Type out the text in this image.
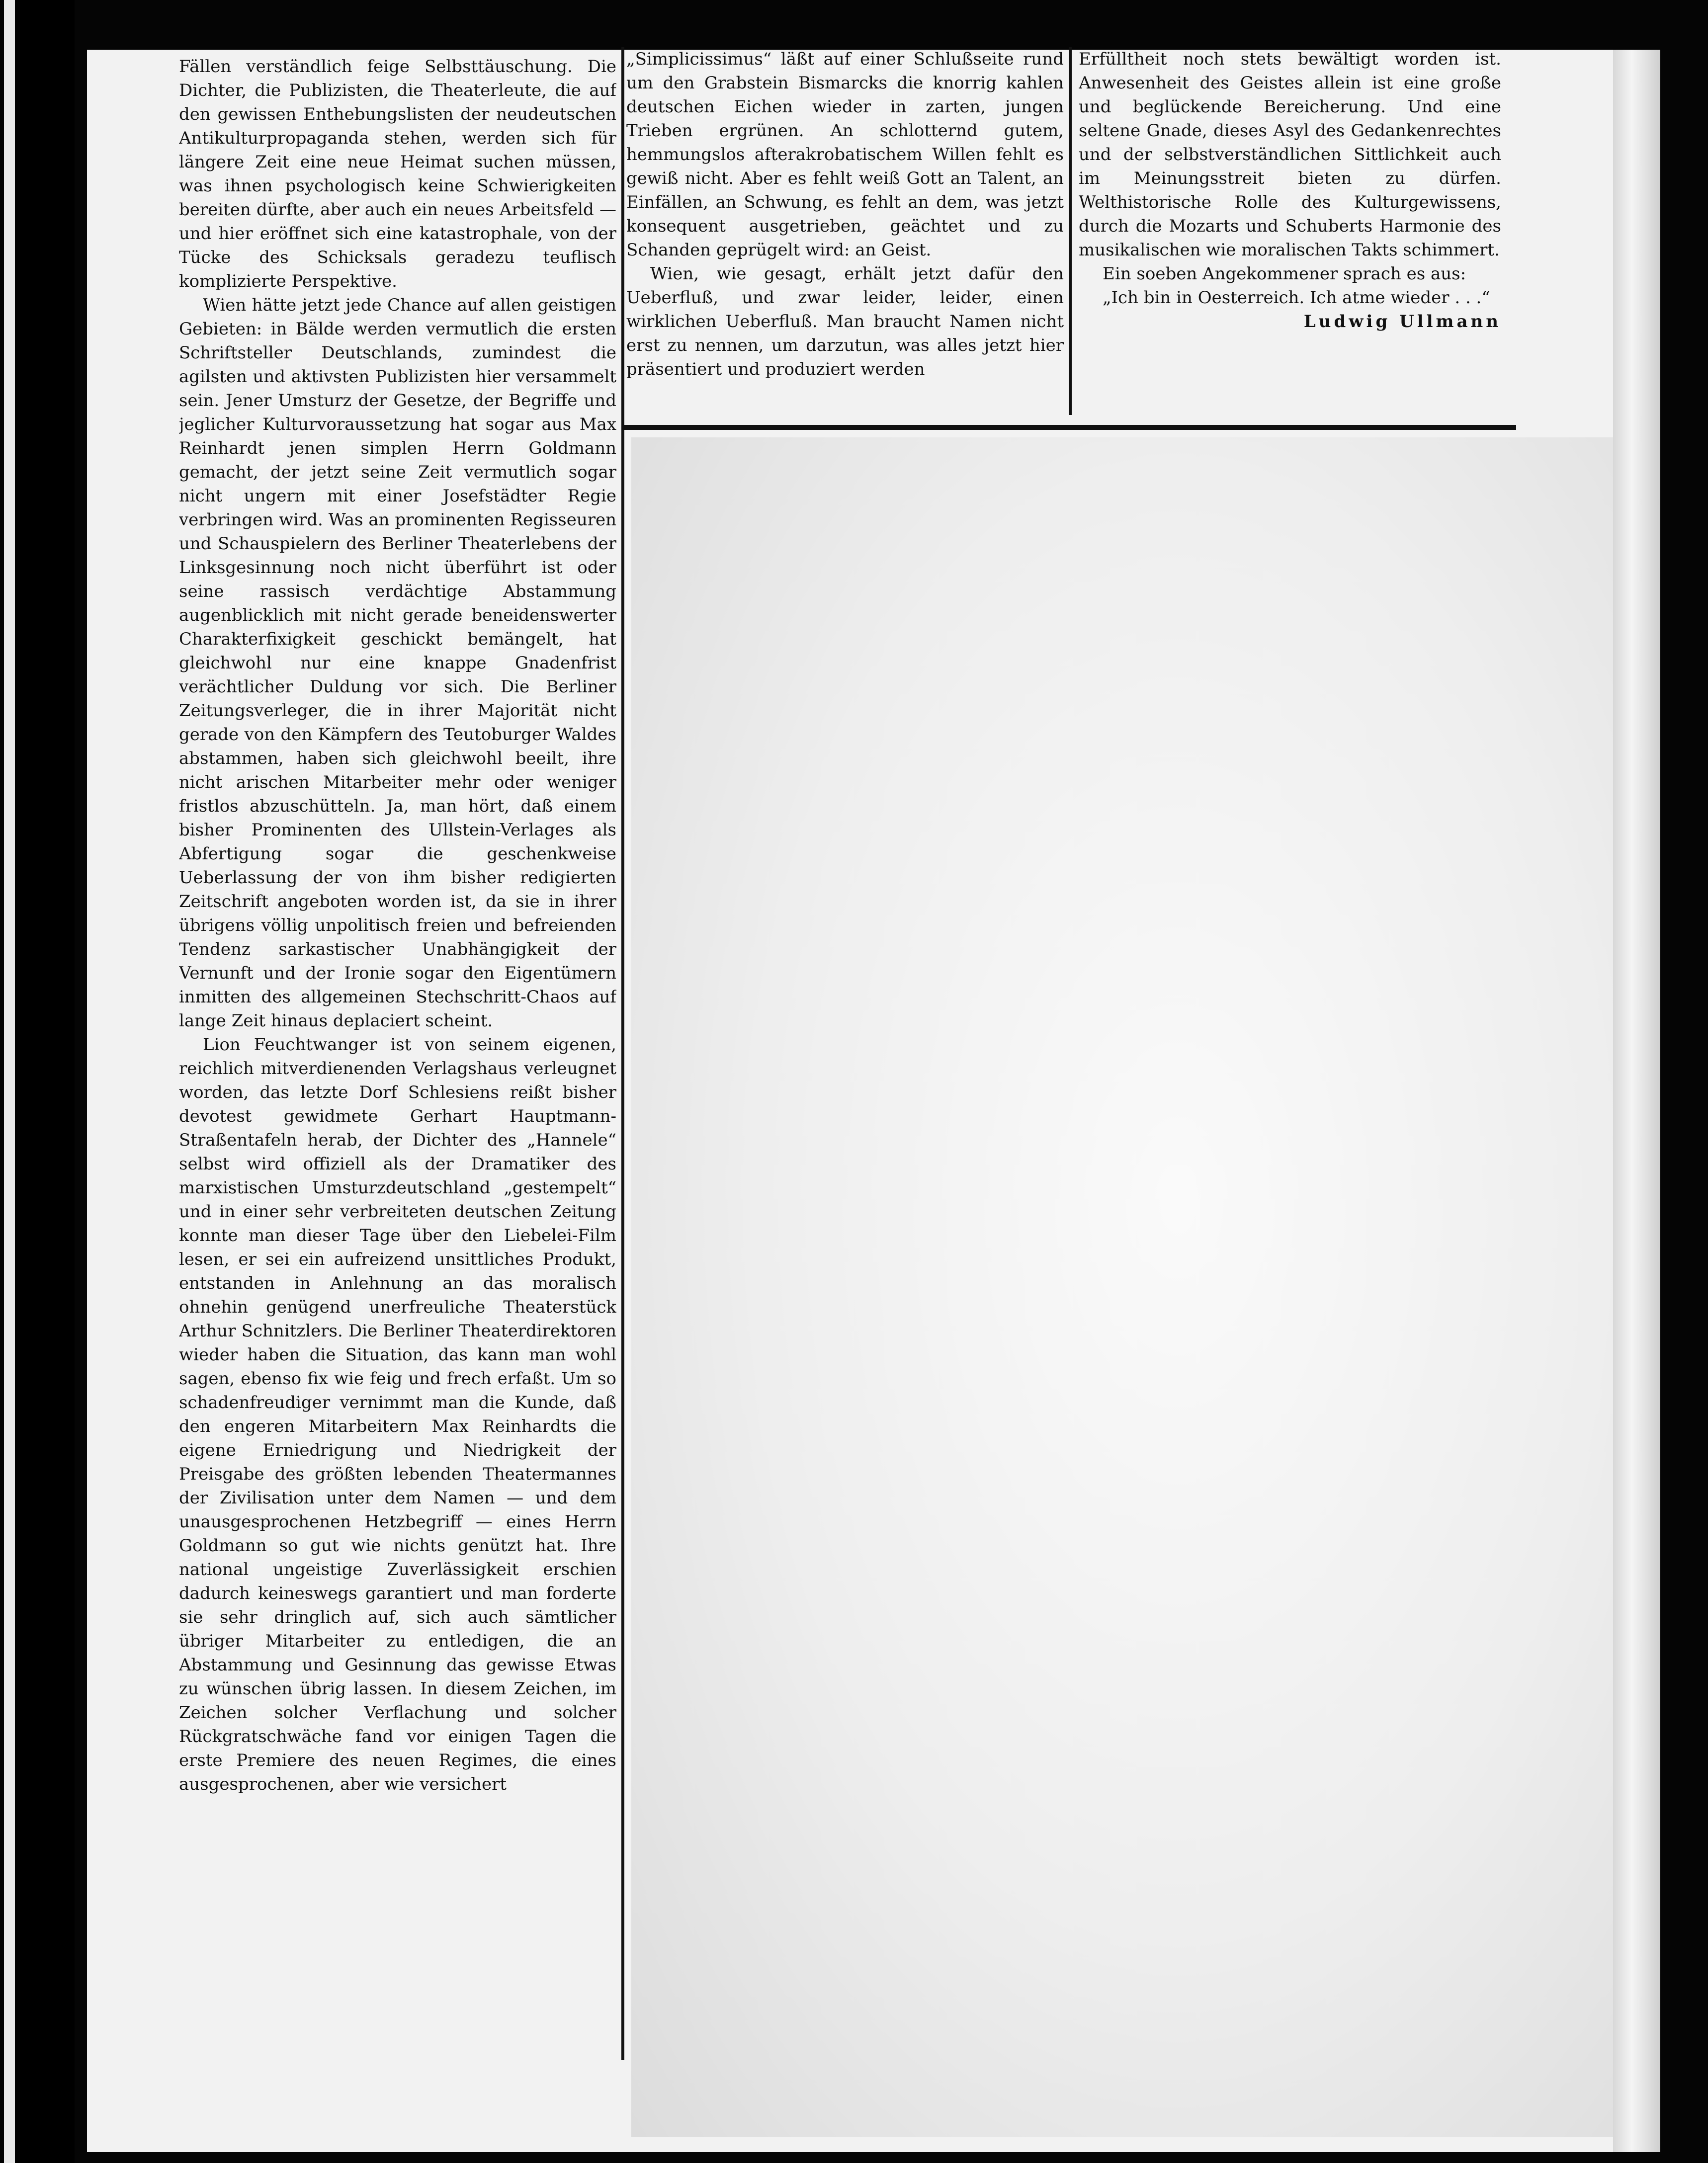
Fällen verständlich feige Selbsttäuschung. Die Dichter, die Publizisten, die Theaterleute, die auf den gewissen Enthebungslisten der neudeutschen Antikulturpropaganda stehen, werden sich für längere Zeit eine neue Heimat suchen müssen, was ihnen psychologisch keine Schwierigkeiten bereiten dürfte, aber auch ein neues Arbeitsfeld — und hier eröffnet sich eine katastrophale, von der Tücke des Schicksals geradezu teuflisch komplizierte Perspektive.

Wien hätte jetzt jede Chance auf allen geistigen Gebieten: in Bälde werden vermutlich die ersten Schriftsteller Deutschlands, zumindest die agilsten und aktivsten Publizisten hier versammelt sein. Jener Umsturz der Gesetze, der Begriffe und jeglicher Kulturvoraussetzung hat sogar aus Max Reinhardt jenen simplen Herrn Goldmann gemacht, der jetzt seine Zeit vermutlich sogar nicht ungern mit einer Josefstädter Regie verbringen wird. Was an prominenten Regisseuren und Schauspielern des Berliner Theaterlebens der Linksgesinnung noch nicht überführt ist oder seine rassisch verdächtige Abstammung augenblicklich mit nicht gerade beneidenswerter Charakterfixigkeit geschickt bemängelt, hat gleichwohl nur eine knappe Gnadenfrist verächtlicher Duldung vor sich. Die Berliner Zeitungsverleger, die in ihrer Majorität nicht gerade von den Kämpfern des Teutoburger Waldes abstammen, haben sich gleichwohl beeilt, ihre nicht arischen Mitarbeiter mehr oder weniger fristlos abzuschütteln. Ja, man hört, daß einem bisher Prominenten des Ullstein-Verlages als Abfertigung sogar die geschenkweise Ueberlassung der von ihm bisher redigierten Zeitschrift angeboten worden ist, da sie in ihrer übrigens völlig unpolitisch freien und befreienden Tendenz sarkastischer Unabhängigkeit der Vernunft und der Ironie sogar den Eigentümern inmitten des allgemeinen Stechschritt-Chaos auf lange Zeit hinaus deplaciert scheint.

Lion Feuchtwanger ist von seinem eigenen, reichlich mitverdienenden Verlagshaus verleugnet worden, das letzte Dorf Schlesiens reißt bisher devotest gewidmete Gerhart Hauptmann-Straßentafeln herab, der Dichter des „Hannele“ selbst wird offiziell als der Dramatiker des marxistischen Umsturzdeutschland „gestempelt“ und in einer sehr verbreiteten deutschen Zeitung konnte man dieser Tage über den Liebelei-Film lesen, er sei ein aufreizend unsittliches Produkt, entstanden in Anlehnung an das moralisch ohnehin genügend unerfreuliche Theaterstück Arthur Schnitzlers. Die Berliner Theaterdirektoren wieder haben die Situation, das kann man wohl sagen, ebenso fix wie feig und frech erfaßt. Um so schadenfreudiger vernimmt man die Kunde, daß den engeren Mitarbeitern Max Reinhardts die eigene Erniedrigung und Niedrigkeit der Preisgabe des größten lebenden Theatermannes der Zivilisation unter dem Namen — und dem unausgesprochenen Hetzbegriff — eines Herrn Goldmann so gut wie nichts genützt hat. Ihre national ungeistige Zuverlässigkeit erschien dadurch keineswegs garantiert und man forderte sie sehr dringlich auf, sich auch sämtlicher übriger Mitarbeiter zu entledigen, die an Abstammung und Gesinnung das gewisse Etwas zu wünschen übrig lassen. In diesem Zeichen, im Zeichen solcher Verflachung und solcher Rückgratschwäche fand vor einigen Tagen die erste Premiere des neuen Regimes, die eines ausgesprochenen, aber wie versichert

„Simplicissimus“ läßt auf einer Schlußseite rund um den Grabstein Bismarcks die knorrig kahlen deutschen Eichen wieder in zarten, jungen Trieben ergrünen. An schlotternd gutem, hemmungslos afterakrobatischem Willen fehlt es gewiß nicht. Aber es fehlt weiß Gott an Talent, an Einfällen, an Schwung, es fehlt an dem, was jetzt konsequent ausgetrieben, geächtet und zu Schanden geprügelt wird: an Geist.

Wien, wie gesagt, erhält jetzt dafür den Ueberfluß, und zwar leider, leider, einen wirklichen Ueberfluß. Man braucht Namen nicht erst zu nennen, um darzutun, was alles jetzt hier präsentiert und produziert werden

Erfülltheit noch stets bewältigt worden ist. Anwesenheit des Geistes allein ist eine große und beglückende Bereicherung. Und eine seltene Gnade, dieses Asyl des Gedankenrechtes und der selbstverständlichen Sittlichkeit auch im Meinungsstreit bieten zu dürfen. Welthistorische Rolle des Kulturgewissens, durch die Mozarts und Schuberts Harmonie des musikalischen wie moralischen Takts schimmert.

Ein soeben Angekommener sprach es aus:

„Ich bin in Oesterreich. Ich atme wieder . . .“

Ludwig Ullmann
